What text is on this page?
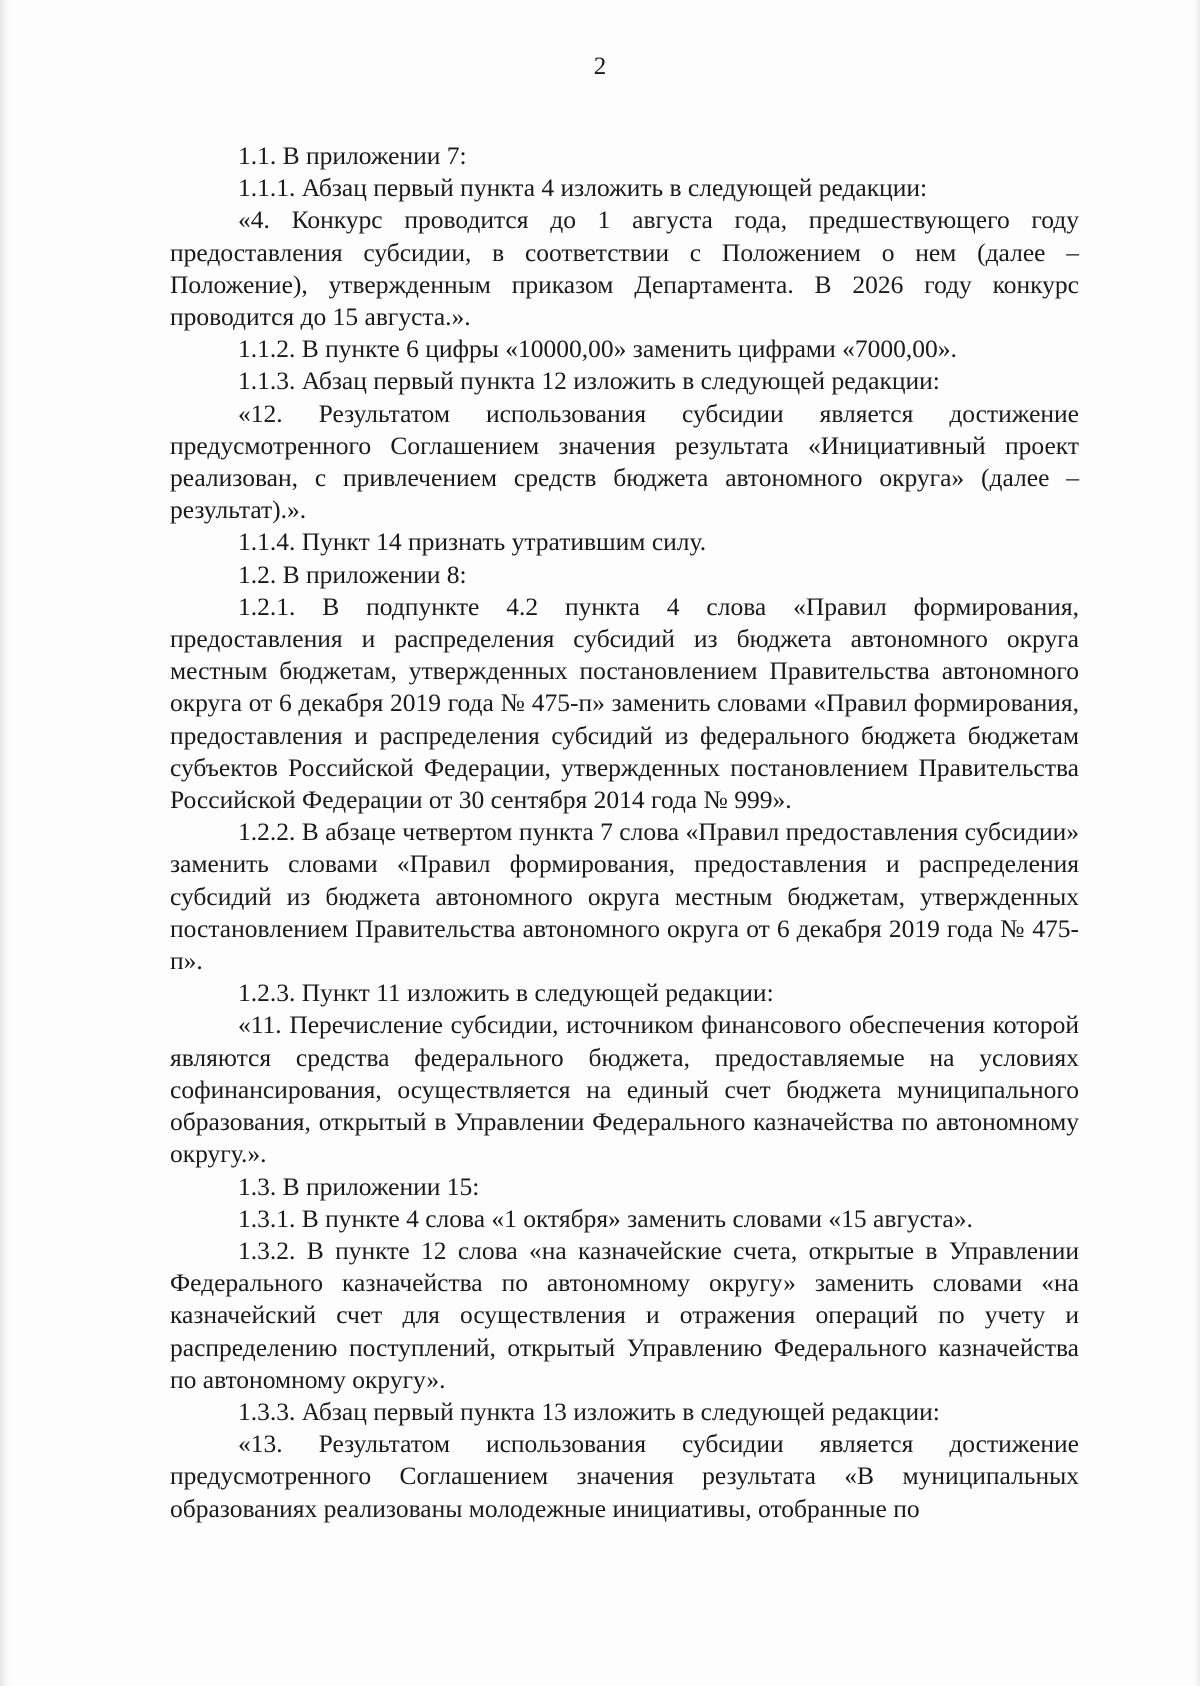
2

1.1. В приложении 7:

1.1.1. Абзац первый пункта 4 изложить в следующей редакции:

«4. Конкурс проводится до 1 августа года, предшествующего году предоставления субсидии, в соответствии с Положением о нем (далее – Положение), утвержденным приказом Департамента. В 2026 году конкурс проводится до 15 августа.».

1.1.2. В пункте 6 цифры «10000,00» заменить цифрами «7000,00».

1.1.3. Абзац первый пункта 12 изложить в следующей редакции:

«12. Результатом использования субсидии является достижение предусмотренного Соглашением значения результата «Инициативный проект реализован, с привлечением средств бюджета автономного округа» (далее – результат).».

1.1.4. Пункт 14 признать утратившим силу.

1.2. В приложении 8:

1.2.1. В подпункте 4.2 пункта 4 слова «Правил формирования, предоставления и распределения субсидий из бюджета автономного округа местным бюджетам, утвержденных постановлением Правительства автономного округа от 6 декабря 2019 года № 475-п» заменить словами «Правил формирования, предоставления и распределения субсидий из федерального бюджета бюджетам субъектов Российской Федерации, утвержденных постановлением Правительства Российской Федерации от 30 сентября 2014 года № 999».

1.2.2. В абзаце четвертом пункта 7 слова «Правил предоставления субсидии» заменить словами «Правил формирования, предоставления и распределения субсидий из бюджета автономного округа местным бюджетам, утвержденных постановлением Правительства автономного округа от 6 декабря 2019 года № 475-п».

1.2.3. Пункт 11 изложить в следующей редакции:

«11. Перечисление субсидии, источником финансового обеспечения которой являются средства федерального бюджета, предоставляемые на условиях софинансирования, осуществляется на единый счет бюджета муниципального образования, открытый в Управлении Федерального казначейства по автономному округу.».

1.3. В приложении 15:

1.3.1. В пункте 4 слова «1 октября» заменить словами «15 августа».

1.3.2. В пункте 12 слова «на казначейские счета, открытые в Управлении Федерального казначейства по автономному округу» заменить словами «на казначейский счет для осуществления и отражения операций по учету и распределению поступлений, открытый Управлению Федерального казначейства по автономному округу».

1.3.3. Абзац первый пункта 13 изложить в следующей редакции:

«13. Результатом использования субсидии является достижение предусмотренного Соглашением значения результата «В муниципальных образованиях реализованы молодежные инициативы, отобранные по
